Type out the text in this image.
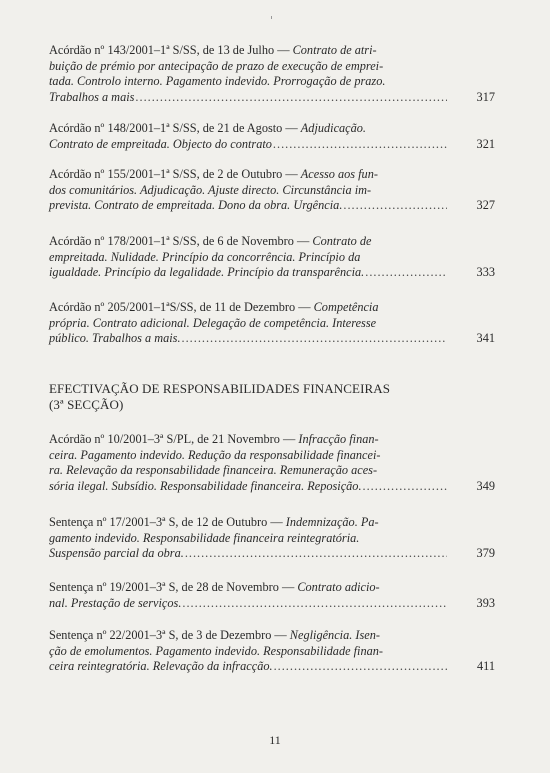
Acórdão nº 143/2001–1ª S/SS, de 13 de Julho — Contrato de atri-
buição de prémio por antecipação de prazo de execução de emprei-
tada. Controlo interno. Pagamento indevido. Prorrogação de prazo.
Trabalhos a mais .....	317
Acórdão nº 148/2001–1ª S/SS, de 21 de Agosto — Adjudicação.
Contrato de empreitada. Objecto do contrato .....	321
Acórdão nº 155/2001–1ª S/SS, de 2 de Outubro — Acesso aos fun-
dos comunitários. Adjudicação. Ajuste directo. Circunstância im-
prevista. Contrato de empreitada. Dono da obra. Urgência. .....	327
Acórdão nº 178/2001–1ª S/SS, de 6 de Novembro — Contrato de
empreitada. Nulidade. Princípio da concorrência. Princípio da
igualdade. Princípio da legalidade. Princípio da transparência. .....	333
Acórdão nº 205/2001–1ªS/SS, de 11 de Dezembro — Competência
própria. Contrato adicional. Delegação de competência. Interesse
público. Trabalhos a mais. .....	341
EFECTIVAÇÃO DE RESPONSABILIDADES FINANCEIRAS
(3ª SECÇÃO)
Acórdão nº 10/2001–3ª S/PL, de 21 Novembro — Infracção finan-
ceira. Pagamento indevido. Redução da responsabilidade financei-
ra. Relevação da responsabilidade financeira. Remuneração aces-
sória ilegal. Subsídio. Responsabilidade financeira. Reposição. .....	349
Sentença nº 17/2001–3ª S, de 12 de Outubro — Indemnização. Pa-
gamento indevido. Responsabilidade financeira reintegratória.
Suspensão parcial da obra. .....	379
Sentença nº 19/2001–3ª S, de 28 de Novembro — Contrato adicio-
nal. Prestação de serviços. .....	393
Sentença nº 22/2001–3ª S, de 3 de Dezembro — Negligência. Isen-
ção de emolumentos. Pagamento indevido. Responsabilidade finan-
ceira reintegratória. Relevação da infracção. .....	411
11
